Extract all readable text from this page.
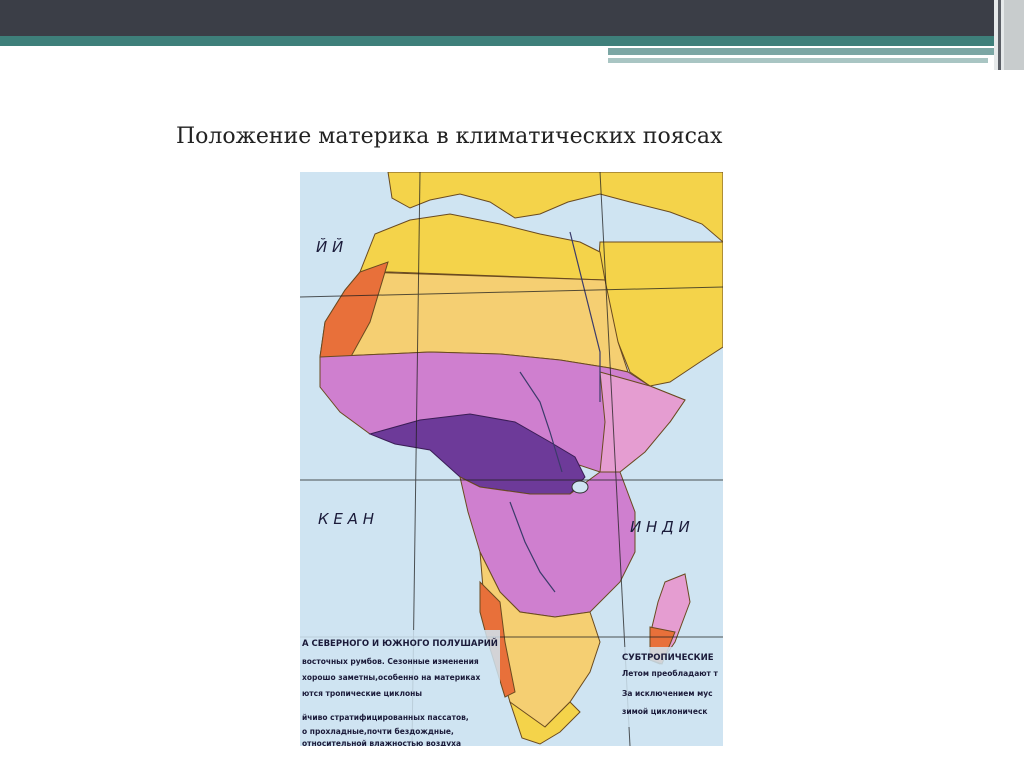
Положение материка в климатических поясах
Й Й
К Е А Н	И Н Д И
А СЕВЕРНОГО И ЮЖНОГО ПОЛУШАРИЙ
восточных румбов. Сезонные изменения
хорошо заметны,особенно на материках
ются тропические циклоны
йчиво стратифицированных пассатов,
о прохладные,почти бездождные,
относительной влажностью воздуха
СУБТРОПИЧЕСКИЕ
Летом преобладают т
За исключением мус
зимой циклоническ
